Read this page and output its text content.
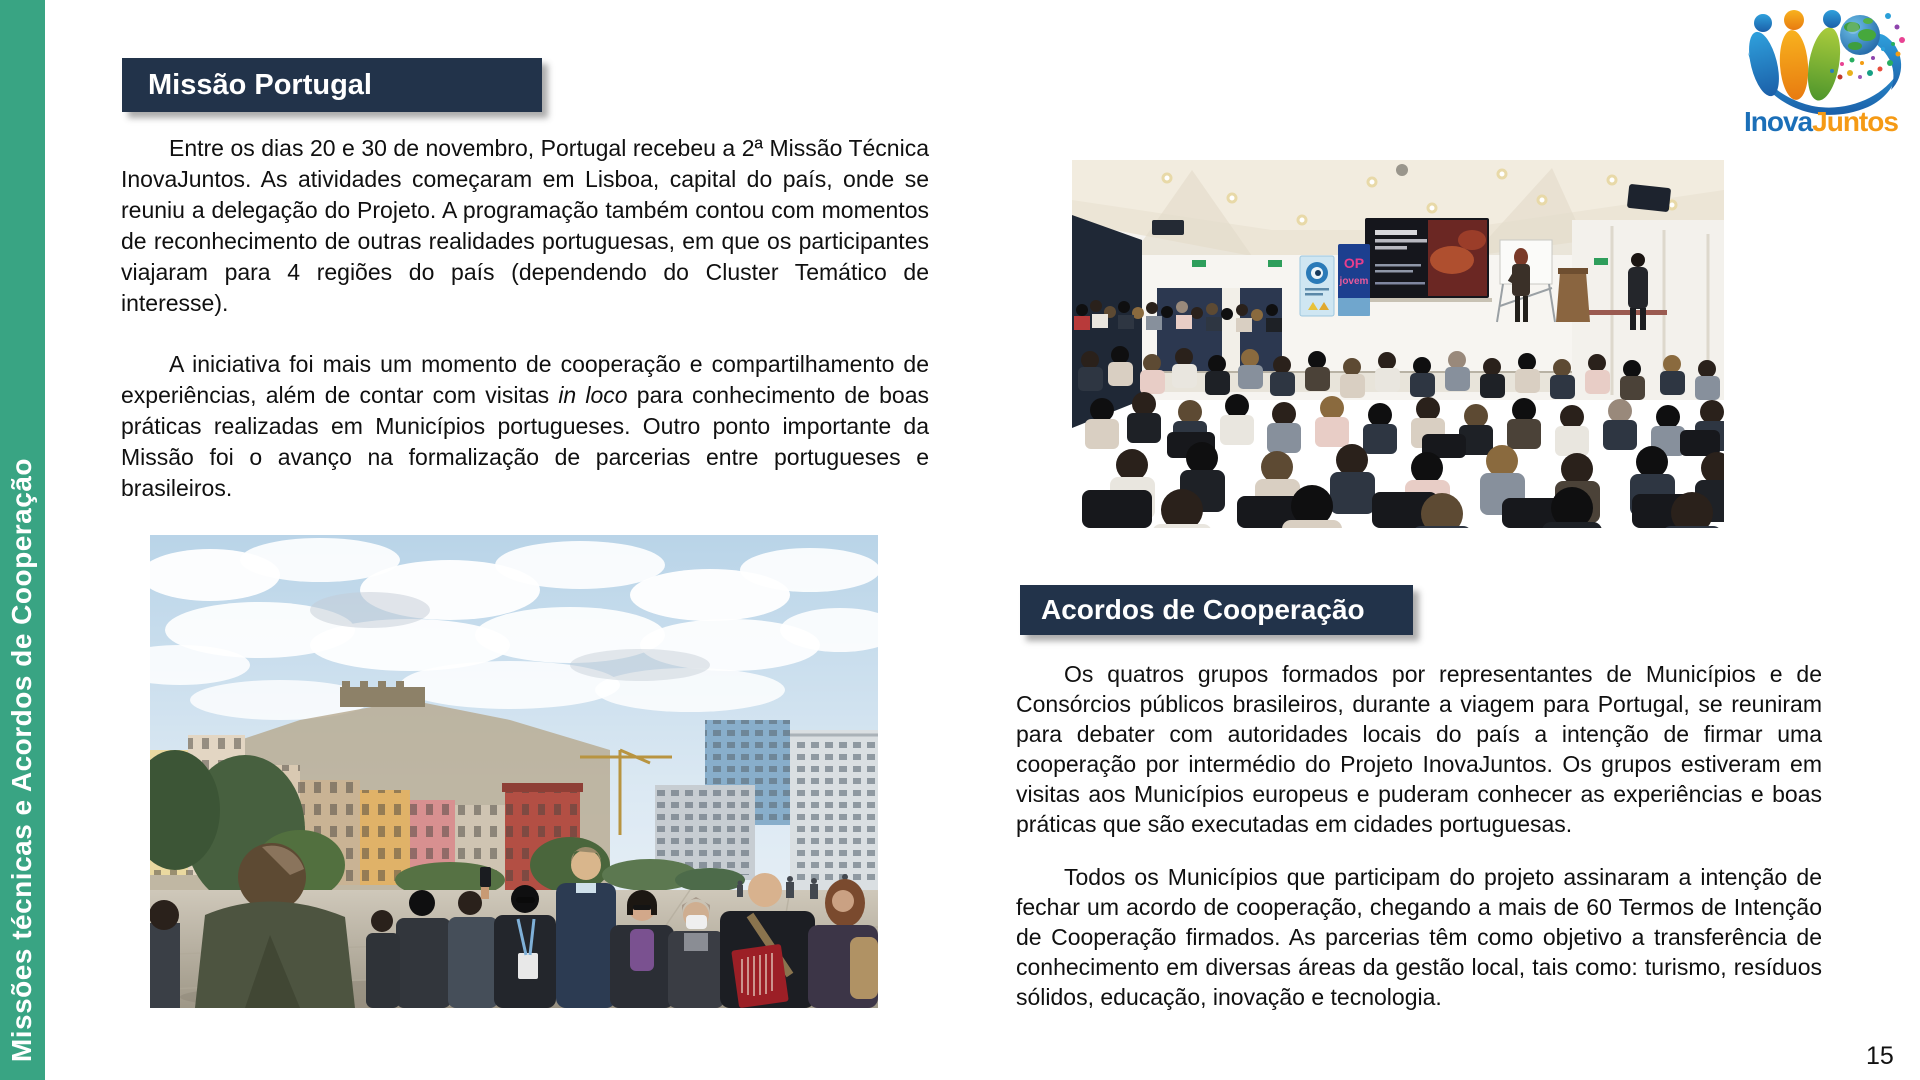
Missões técnicas e Acordos de Cooperação
InovaJuntos
Missão Portugal

Entre os dias 20 e 30 de novembro, Portugal recebeu a 2ª Missão Técnica InovaJuntos. As atividades começaram em Lisboa, capital do país, onde se reuniu a delegação do Projeto. A programação também contou com momentos de reconhecimento de outras realidades portuguesas, em que os participantes viajaram para 4 regiões do país (dependendo do Cluster Temático de interesse).

A iniciativa foi mais um momento de cooperação e compartilhamento de experiências, além de contar com visitas in loco para conhecimento de boas práticas realizadas em Municípios portugueses. Outro ponto importante da Missão foi o avanço na formalização de parcerias entre portugueses e brasileiros.

OP
jovem
Acordos de Cooperação

Os quatros grupos formados por representantes de Municípios e de Consórcios públicos brasileiros, durante a viagem para Portugal, se reuniram para debater com autoridades locais do país a intenção de firmar uma cooperação por intermédio do Projeto InovaJuntos. Os grupos estiveram em visitas aos Municípios europeus e puderam conhecer as experiências e boas práticas que são executadas em cidades portuguesas.

Todos os Municípios que participam do projeto assinaram a intenção de fechar um acordo de cooperação, chegando a mais de 60 Termos de Intenção de Cooperação firmados. As parcerias têm como objetivo a transferência de conhecimento em diversas áreas da gestão local, tais como: turismo, resíduos sólidos, educação, inovação e tecnologia.

15
